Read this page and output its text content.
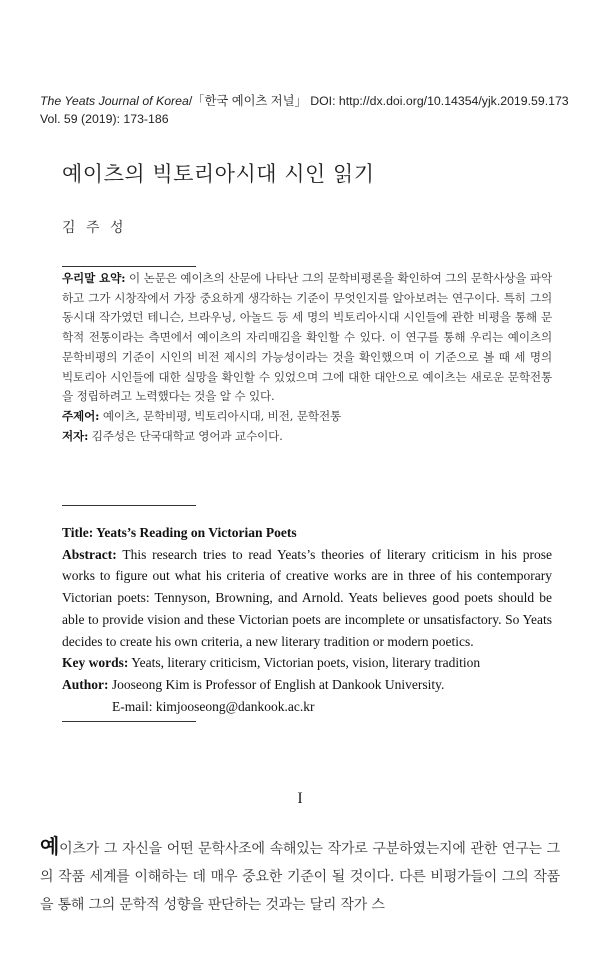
The Yeats Journal of Korea/「한국 예이츠 저널」 DOI: http://dx.doi.org/10.14354/yjk.2019.59.173
Vol. 59 (2019): 173-186
예이츠의 빅토리아시대 시인 읽기
김 주 성

우리말 요약: 이 논문은 예이츠의 산문에 나타난 그의 문학비평론을 확인하여 그의 문학사상을 파악하고 그가 시창작에서 가장 중요하게 생각하는 기준이 무엇인지를 알아보려는 연구이다. 특히 그의 동시대 작가였던 테니슨, 브라우닝, 아놀드 등 세 명의 빅토리아시대 시인들에 관한 비평을 통해 문학적 전통이라는 측면에서 예이츠의 자리매김을 확인할 수 있다. 이 연구를 통해 우리는 예이츠의 문학비평의 기준이 시인의 비전 제시의 가능성이라는 것을 확인했으며 이 기준으로 볼 때 세 명의 빅토리아 시인들에 대한 실망을 확인할 수 있었으며 그에 대한 대안으로 예이츠는 새로운 문학전통을 정립하려고 노력했다는 것을 알 수 있다.

주제어: 예이츠, 문학비평, 빅토리아시대, 비전, 문학전통

저자: 김주성은 단국대학교 영어과 교수이다.

Title: Yeats’s Reading on Victorian Poets

Abstract: This research tries to read Yeats’s theories of literary criticism in his prose works to figure out what his criteria of creative works are in three of his contemporary Victorian poets: Tennyson, Browning, and Arnold. Yeats believes good poets should be able to provide vision and these Victorian poets are incomplete or unsatisfactory. So Yeats decides to create his own criteria, a new literary tradition or modern poetics.

Key words: Yeats, literary criticism, Victorian poets, vision, literary tradition

Author: Jooseong Kim is Professor of English at Dankook University.

E-mail: kimjooseong@dankook.ac.kr

I
예이츠가 그 자신을 어떤 문학사조에 속해있는 작가로 구분하였는지에 관한 연구는 그의 작품 세계를 이해하는 데 매우 중요한 기준이 될 것이다. 다른 비평가들이 그의 작품을 통해 그의 문학적 성향을 판단하는 것과는 달리 작가 스
